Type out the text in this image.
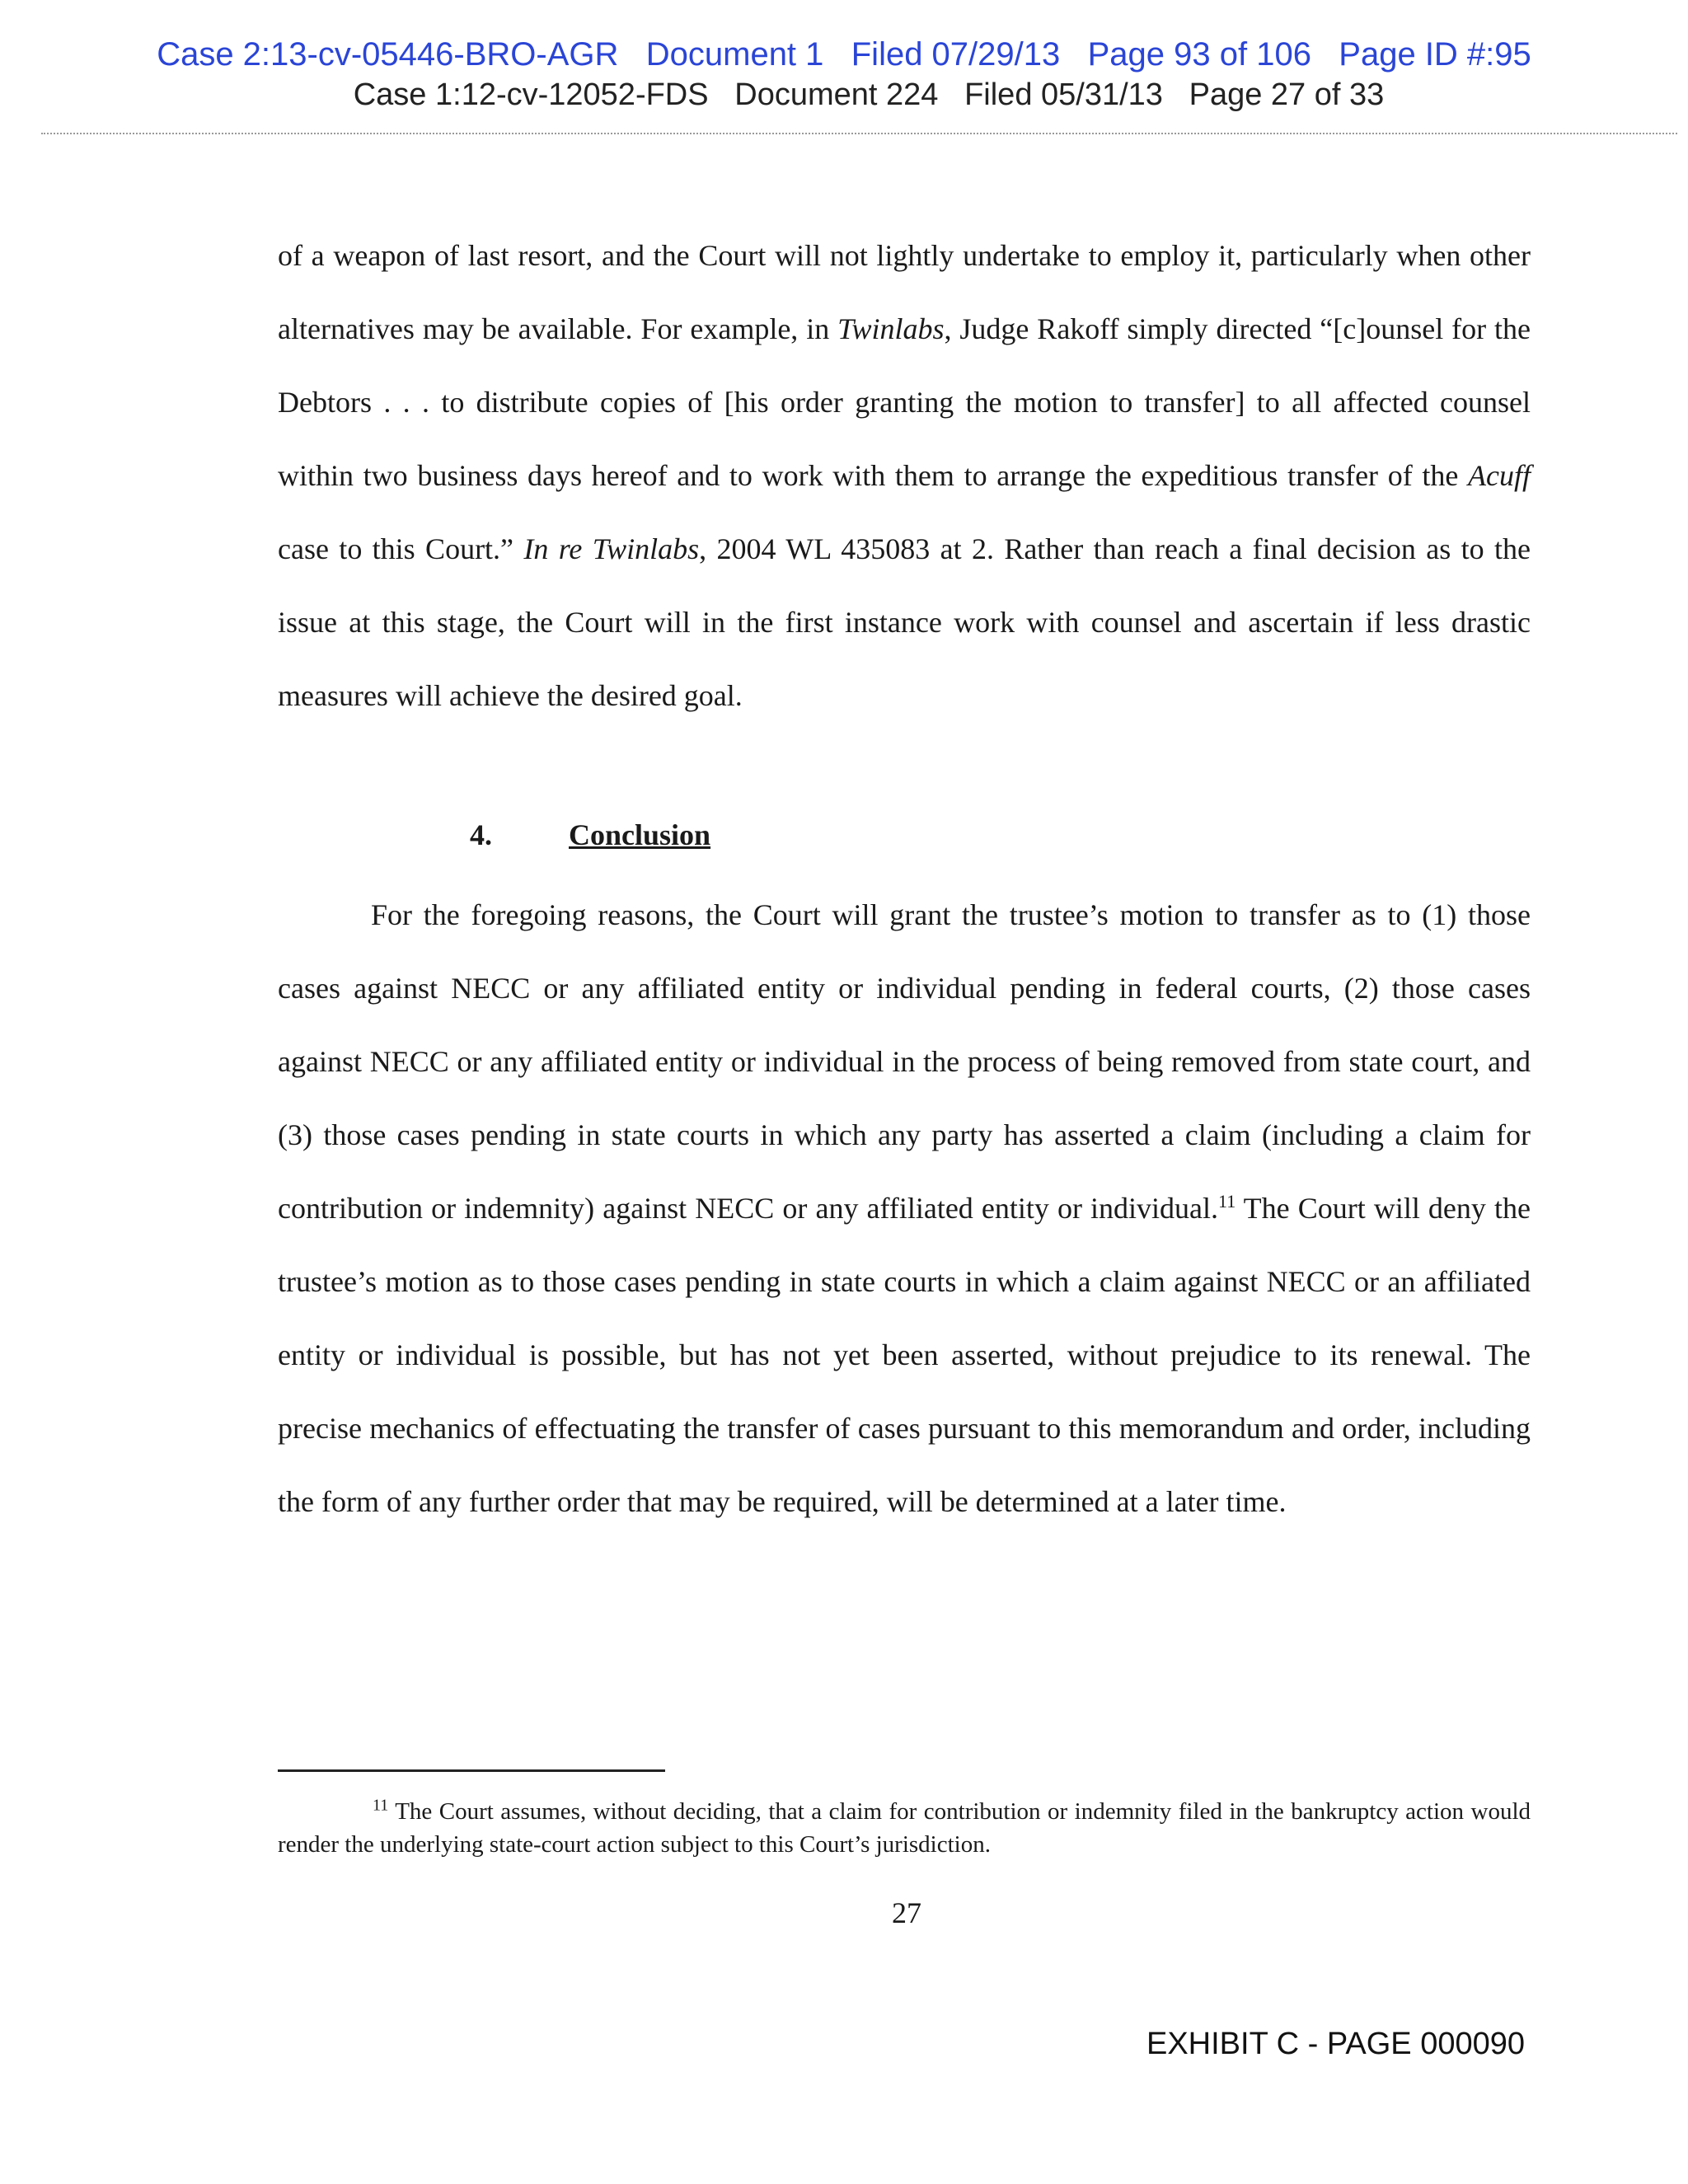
Case 2:13-cv-05446-BRO-AGR   Document 1   Filed 07/29/13   Page 93 of 106   Page ID #:95
Case 1:12-cv-12052-FDS   Document 224   Filed 05/31/13   Page 27 of 33

of a weapon of last resort, and the Court will not lightly undertake to employ it, particularly when other alternatives may be available. For example, in Twinlabs, Judge Rakoff simply directed “[c]ounsel for the Debtors . . . to distribute copies of [his order granting the motion to transfer] to all affected counsel within two business days hereof and to work with them to arrange the expeditious transfer of the Acuff case to this Court.” In re Twinlabs, 2004 WL 435083 at 2. Rather than reach a final decision as to the issue at this stage, the Court will in the first instance work with counsel and ascertain if less drastic measures will achieve the desired goal.

4.	Conclusion

For the foregoing reasons, the Court will grant the trustee’s motion to transfer as to (1) those cases against NECC or any affiliated entity or individual pending in federal courts, (2) those cases against NECC or any affiliated entity or individual in the process of being removed from state court, and (3) those cases pending in state courts in which any party has asserted a claim (including a claim for contribution or indemnity) against NECC or any affiliated entity or individual.$^{11}$ The Court will deny the trustee’s motion as to those cases pending in state courts in which a claim against NECC or an affiliated entity or individual is possible, but has not yet been asserted, without prejudice to its renewal. The precise mechanics of effectuating the transfer of cases pursuant to this memorandum and order, including the form of any further order that may be required, will be determined at a later time.

$^{11}$ The Court assumes, without deciding, that a claim for contribution or indemnity filed in the bankruptcy action would render the underlying state-court action subject to this Court’s jurisdiction.
27
EXHIBIT C - PAGE 000090
